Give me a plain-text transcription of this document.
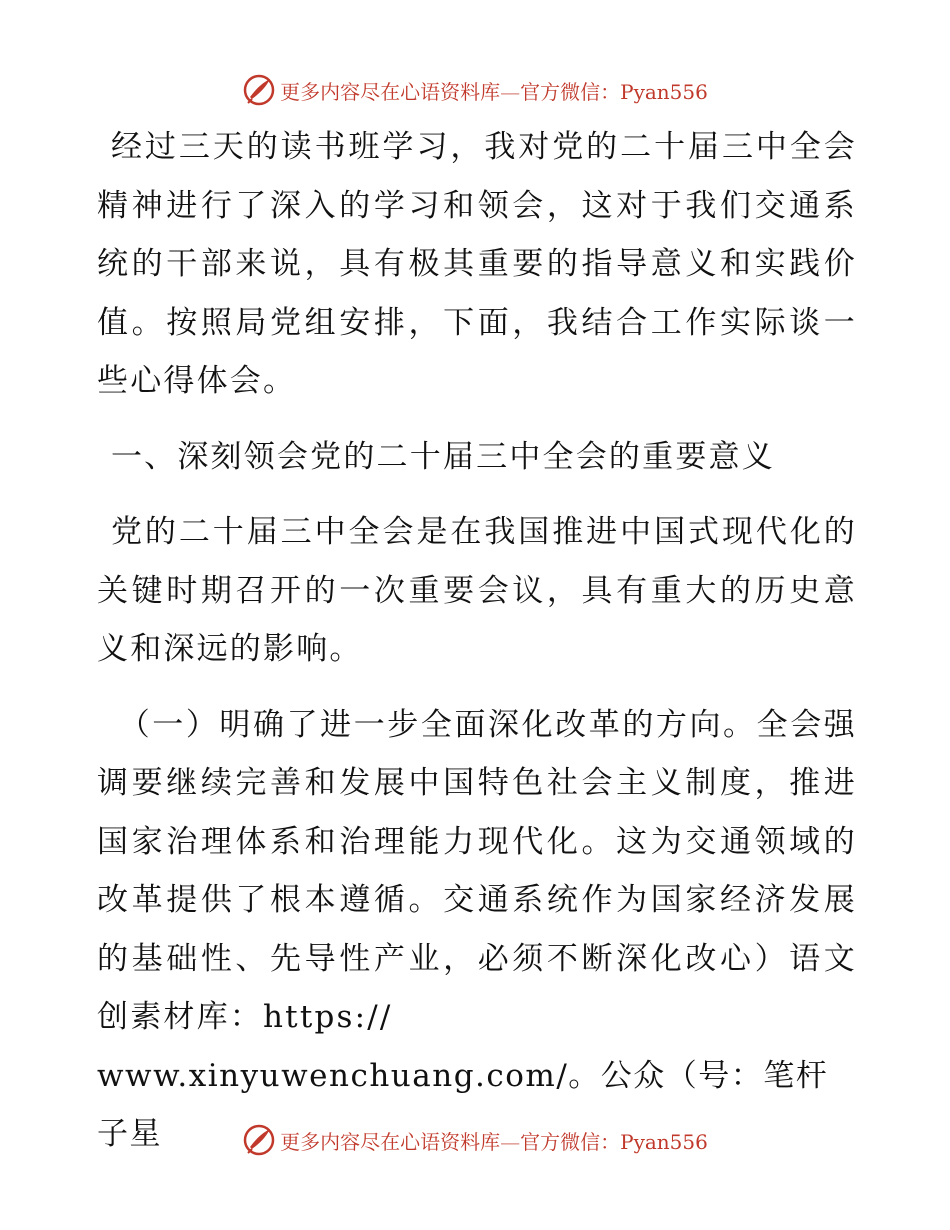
更多内容尽在心语资料库—官方微信：Pyan556

经过三天的读书班学习，我对党的二十届三中全会精神进行了深入的学习和领会，这对于我们交通系统的干部来说，具有极其重要的指导意义和实践价值。按照局党组安排，下面，我结合工作实际谈一些心得体会。

一、深刻领会党的二十届三中全会的重要意义

党的二十届三中全会是在我国推进中国式现代化的关键时期召开的一次重要会议，具有重大的历史意义和深远的影响。

（一）明确了进一步全面深化改革的方向。全会强调要继续完善和发展中国特色社会主义制度，推进国家治理体系和治理能力现代化。这为交通领域的改革提供了根本遵循。交通系统作为国家经济发展的基础性、先导性产业，必须不断深化改心）语文创素材库：https://

www.xinyuwenchuang.com/。公众（号：笔杆子星	更多内容尽在心语资料库—官方微信：Pyan556
